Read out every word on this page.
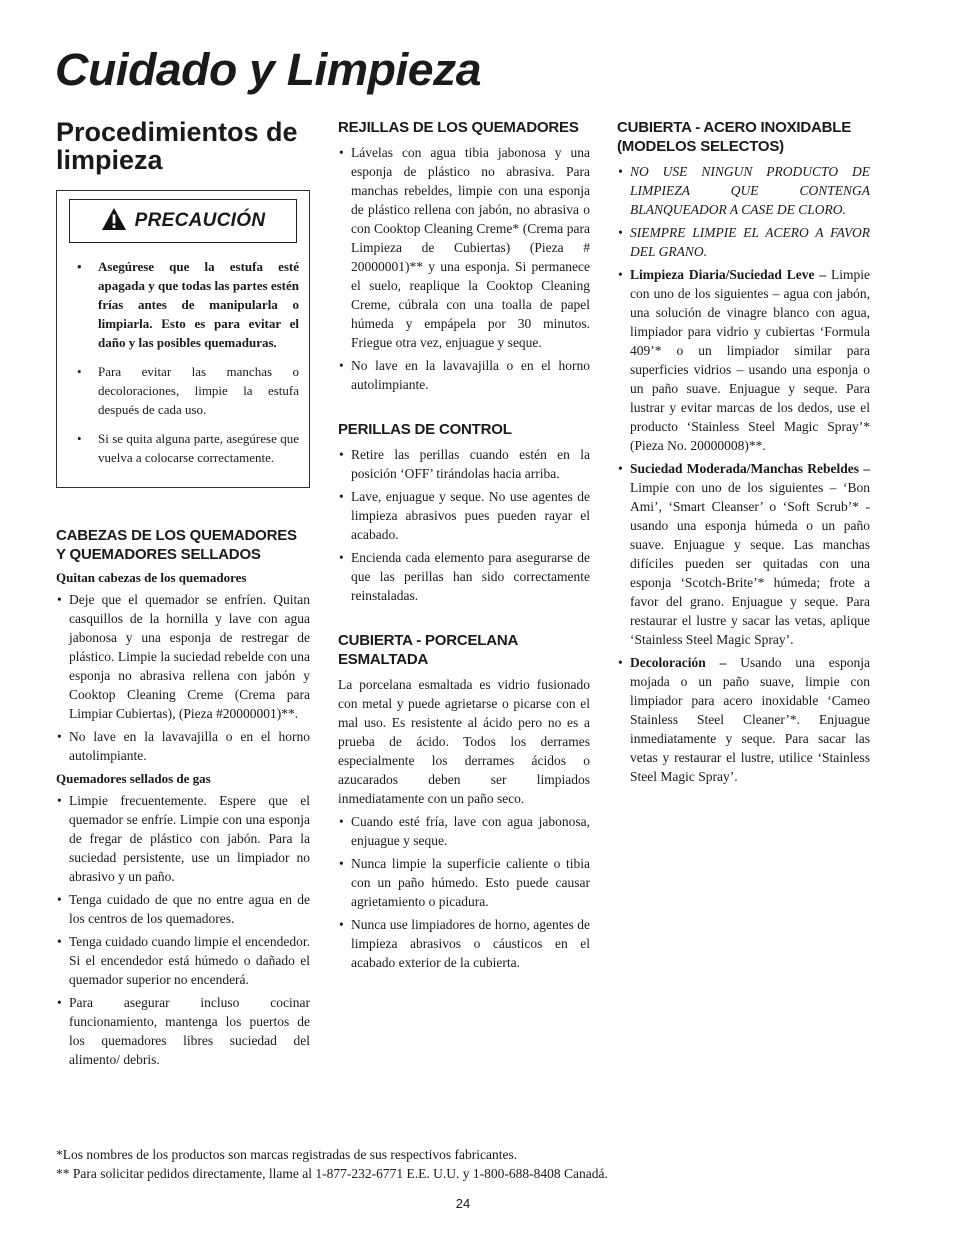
Cuidado y Limpieza
Procedimientos de limpieza
PRECAUCIÓN
• Asegúrese que la estufa esté apagada y que todas las partes estén frías antes de manipularla o limpiarla. Esto es para evitar el daño y las posibles quemaduras.
• Para evitar las manchas o decoloraciones, limpie la estufa después de cada uso.
• Si se quita alguna parte, asegúrese que vuelva a colocarse correctamente.
CABEZAS DE LOS QUEMADORES Y QUEMADORES SELLADOS
Quitan cabezas de los quemadores
• Deje que el quemador se enfríen. Quitan casquillos de la hornilla y lave con agua jabonosa y una esponja de restregar de plástico. Limpie la suciedad rebelde con una esponja no abrasiva rellena con jabón y Cooktop Cleaning Creme (Crema para Limpiar Cubiertas), (Pieza #20000001)**.
• No lave en la lavavajilla o en el horno autolimpiante.
Quemadores sellados de gas
• Limpie frecuentemente. Espere que el quemador se enfríe. Limpie con una esponja de fregar de plástico con jabón. Para la suciedad persistente, use un limpiador no abrasivo y un paño.
• Tenga cuidado de que no entre agua en de los centros de los quemadores.
• Tenga cuidado cuando limpie el encendedor. Si el encendedor está húmedo o dañado el quemador superior no encenderá.
• Para asegurar incluso cocinar funcionamiento, mantenga los puertos de los quemadores libres suciedad del alimento/ debris.
REJILLAS DE LOS QUEMADORES
• Lávelas con agua tibia jabonosa y una esponja de plástico no abrasiva. Para manchas rebeldes, limpie con una esponja de plástico rellena con jabón, no abrasiva o con Cooktop Cleaning Creme* (Crema para Limpieza de Cubiertas) (Pieza # 20000001)** y una esponja. Si permanece el suelo, reaplique la Cooktop Cleaning Creme, cúbrala con una toalla de papel húmeda y empápela por 30 minutos. Friegue otra vez, enjuague y seque.
• No lave en la lavavajilla o en el horno autolimpiante.
PERILLAS DE CONTROL
• Retire las perillas cuando estén en la posición ‘OFF’ tirándolas hacia arriba.
• Lave, enjuague y seque. No use agentes de limpieza abrasivos pues pueden rayar el acabado.
• Encienda cada elemento para asegurarse de que las perillas han sido correctamente reinstaladas.
CUBIERTA - PORCELANA ESMALTADA

La porcelana esmaltada es vidrio fusionado con metal y puede agrietarse o picarse con el mal uso. Es resistente al ácido pero no es a prueba de ácido. Todos los derrames especialmente los derrames ácidos o azucarados deben ser limpiados inmediatamente con un paño seco.

• Cuando esté fría, lave con agua jabonosa, enjuague y seque.
• Nunca limpie la superficie caliente o tibia con un paño húmedo. Esto puede causar agrietamiento o picadura.
• Nunca use limpiadores de horno, agentes de limpieza abrasivos o cáusticos en el acabado exterior de la cubierta.
CUBIERTA - ACERO INOXIDABLE (MODELOS SELECTOS)
• NO USE NINGUN PRODUCTO DE LIMPIEZA QUE CONTENGA BLANQUEADOR A CASE DE CLORO.
• SIEMPRE LIMPIE EL ACERO A FAVOR DEL GRANO.
• Limpieza Diaria/Suciedad Leve – Limpie con uno de los siguientes – agua con jabón, una solución de vinagre blanco con agua, limpiador para vidrio y cubiertas ‘Formula 409’* o un limpiador similar para superficies vidrios – usando una esponja o un paño suave. Enjuague y seque. Para lustrar y evitar marcas de los dedos, use el producto ‘Stainless Steel Magic Spray’* (Pieza No. 20000008)**.
• Suciedad Moderada/Manchas Rebeldes – Limpie con uno de los siguientes – ‘Bon Ami’, ‘Smart Cleanser’ o ‘Soft Scrub’* - usando una esponja húmeda o un paño suave. Enjuague y seque. Las manchas difíciles pueden ser quitadas con una esponja ‘Scotch-Brite’* húmeda; frote a favor del grano. Enjuague y seque. Para restaurar el lustre y sacar las vetas, aplique ‘Stainless Steel Magic Spray’.
• Decoloración – Usando una esponja mojada o un paño suave, limpie con limpiador para acero inoxidable ‘Cameo Stainless Steel Cleaner’*. Enjuague inmediatamente y seque. Para sacar las vetas y restaurar el lustre, utilice ‘Stainless Steel Magic Spray’.
*Los nombres de los productos son marcas registradas de sus respectivos fabricantes.
** Para solicitar pedidos directamente, llame al 1-877-232-6771 E.E. U.U. y 1-800-688-8408 Canadá.
24
